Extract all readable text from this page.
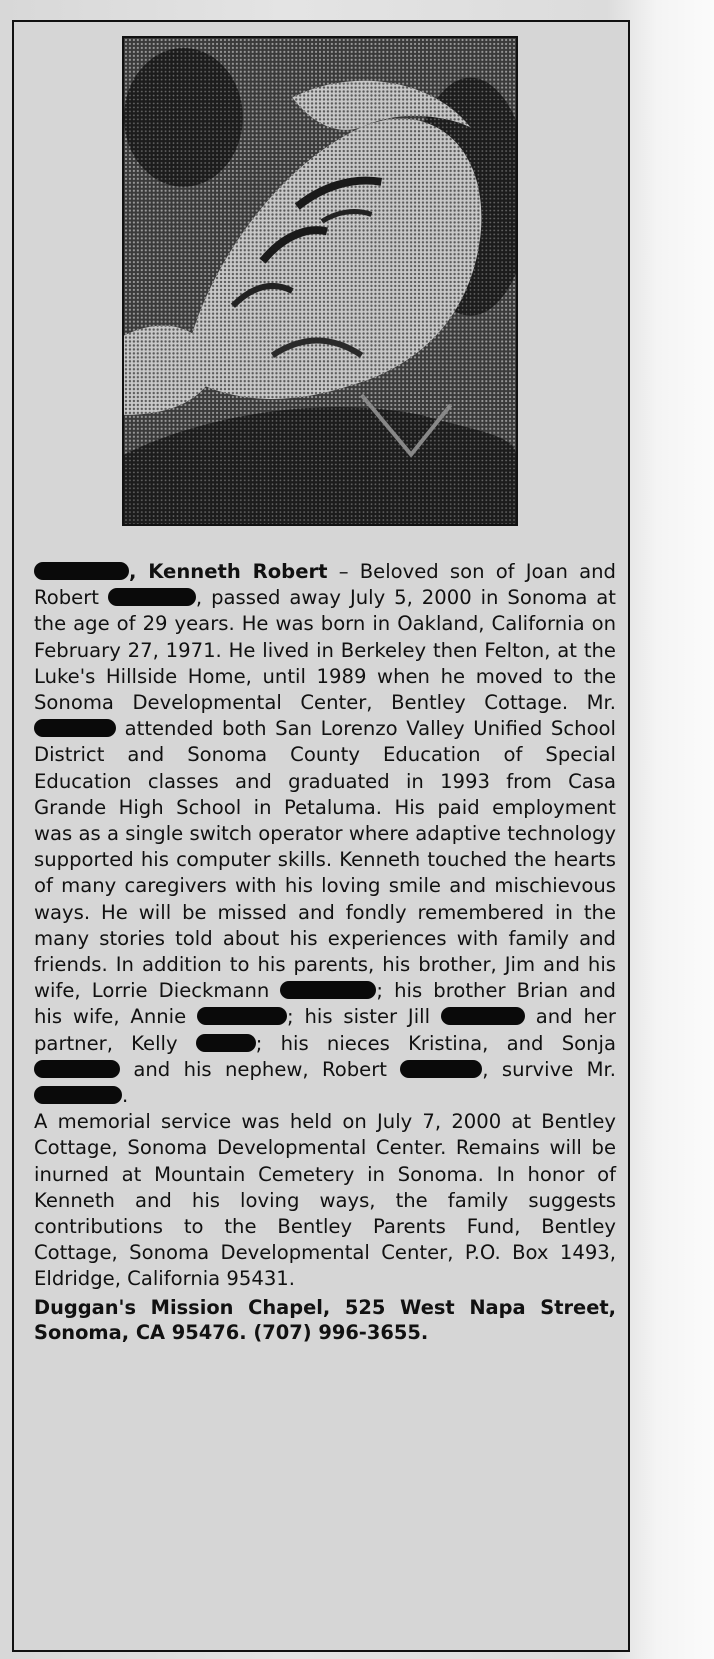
, Kenneth Robert – Beloved son of Joan and Robert	, passed away July 5, 2000 in Sonoma at the age of 29 years. He was born in Oakland, California on February 27, 1971. He lived in Berkeley then Felton, at the Luke's Hillside Home, until 1989 when he moved to the Sonoma Developmental Center, Bentley Cottage. Mr.  attended both San Lorenzo Valley Unified School District and Sonoma County Education of Special Education classes and graduated in 1993 from Casa Grande High School in Petaluma. His paid employment was as a single switch operator where adaptive technology supported his computer skills. Kenneth touched the hearts of many caregivers with his loving smile and mischievous ways. He will be missed and fondly remembered in the many stories told about his experiences with family and friends. In addition to his parents, his brother, Jim and his wife, Lorrie Dieckmann	; his brother Brian and his wife, Annie	; his sister Jill	and her partner, Kelly	; his nieces Kristina, and Sonja  and his nephew, Robert	, survive Mr. .

A memorial service was held on July 7, 2000 at Bentley Cottage, Sonoma Developmental Center. Remains will be inurned at Mountain Cemetery in Sonoma. In honor of Kenneth and his loving ways, the family suggests contributions to the Bentley Parents Fund, Bentley Cottage, Sonoma Developmental Center, P.O. Box 1493, Eldridge, California 95431.

Duggan's Mission Chapel, 525 West Napa Street, Sonoma, CA 95476. (707) 996-3655.
